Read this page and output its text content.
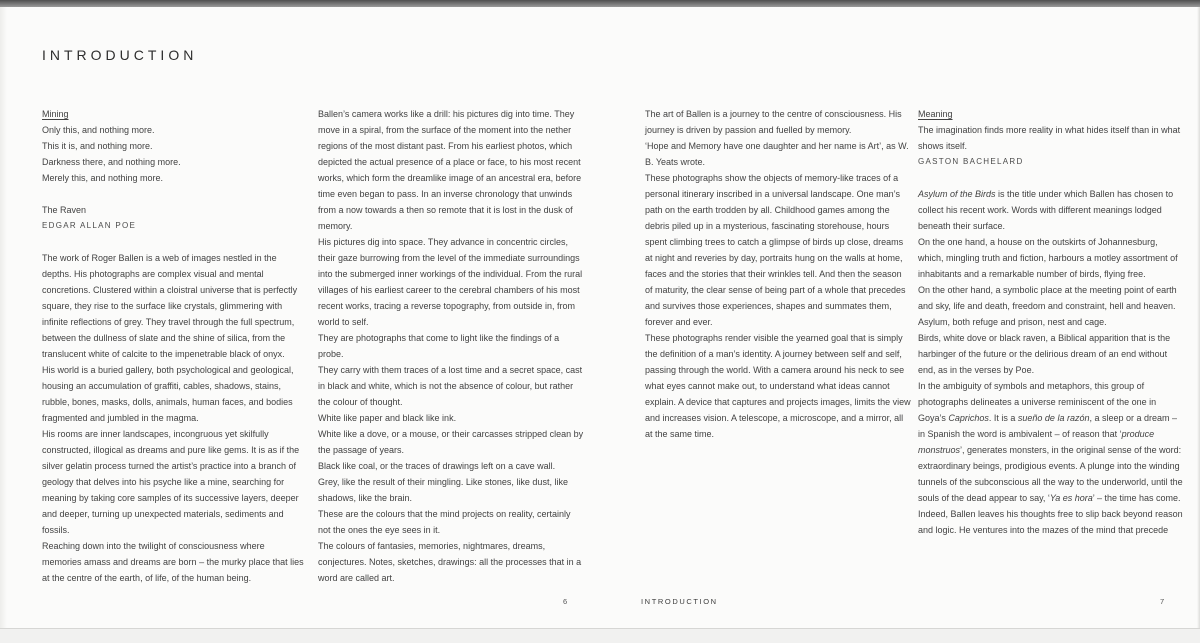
INTRODUCTION

Mining

Only this, and nothing more.

This it is, and nothing more.

Darkness there, and nothing more.

Merely this, and nothing more.

The Raven

EDGAR ALLAN POE

The work of Roger Ballen is a web of images nestled in the depths. His photographs are complex visual and mental concretions. Clustered within a cloistral universe that is perfectly square, they rise to the surface like crystals, glimmering with infinite reflections of grey. They travel through the full spectrum, between the dullness of slate and the shine of silica, from the translucent white of calcite to the impenetrable black of onyx.

His world is a buried gallery, both psychological and geological, housing an accumulation of graffiti, cables, shadows, stains, rubble, bones, masks, dolls, animals, human faces, and bodies fragmented and jumbled in the magma.

His rooms are inner landscapes, incongruous yet skilfully constructed, illogical as dreams and pure like gems. It is as if the silver gelatin process turned the artist’s practice into a branch of geology that delves into his psyche like a mine, searching for meaning by taking core samples of its successive layers, deeper and deeper, turning up unexpected materials, sediments and fossils.

Reaching down into the twilight of consciousness where memories amass and dreams are born – the murky place that lies at the centre of the earth, of life, of the human being.

Ballen’s camera works like a drill: his pictures dig into time. They move in a spiral, from the surface of the moment into the nether regions of the most distant past. From his earliest photos, which depicted the actual presence of a place or face, to his most recent works, which form the dreamlike image of an ancestral era, before time even began to pass. In an inverse chronology that unwinds from a now towards a then so remote that it is lost in the dusk of memory.

His pictures dig into space. They advance in concentric circles, their gaze burrowing from the level of the immediate surroundings into the submerged inner workings of the individual. From the rural villages of his earliest career to the cerebral chambers of his most recent works, tracing a reverse topography, from outside in, from world to self.

They are photographs that come to light like the findings of a probe.

They carry with them traces of a lost time and a secret space, cast in black and white, which is not the absence of colour, but rather the colour of thought.

White like paper and black like ink.

White like a dove, or a mouse, or their carcasses stripped clean by the passage of years.

Black like coal, or the traces of drawings left on a cave wall.

Grey, like the result of their mingling. Like stones, like dust, like shadows, like the brain.

These are the colours that the mind projects on reality, certainly not the ones the eye sees in it.

The colours of fantasies, memories, nightmares, dreams, conjectures. Notes, sketches, drawings: all the processes that in a word are called art.

The art of Ballen is a journey to the centre of consciousness. His journey is driven by passion and fuelled by memory.

‘Hope and Memory have one daughter and her name is Art’, as W. B. Yeats wrote.

These photographs show the objects of memory-like traces of a personal itinerary inscribed in a universal landscape. One man’s path on the earth trodden by all. Childhood games among the debris piled up in a mysterious, fascinating storehouse, hours spent climbing trees to catch a glimpse of birds up close, dreams at night and reveries by day, portraits hung on the walls at home, faces and the stories that their wrinkles tell. And then the season of maturity, the clear sense of being part of a whole that precedes and survives those experiences, shapes and summates them, forever and ever.

These photographs render visible the yearned goal that is simply the definition of a man’s identity. A journey between self and self, passing through the world. With a camera around his neck to see what eyes cannot make out, to understand what ideas cannot explain. A device that captures and projects images, limits the view and increases vision. A telescope, a microscope, and a mirror, all at the same time.

Meaning

The imagination finds more reality in what hides itself than in what shows itself.

GASTON BACHELARD

Asylum of the Birds is the title under which Ballen has chosen to collect his recent work. Words with different meanings lodged beneath their surface.

On the one hand, a house on the outskirts of Johannesburg, which, mingling truth and fiction, harbours a motley assortment of inhabitants and a remarkable number of birds, flying free.

On the other hand, a symbolic place at the meeting point of earth and sky, life and death, freedom and constraint, hell and heaven. Asylum, both refuge and prison, nest and cage.

Birds, white dove or black raven, a Biblical apparition that is the harbinger of the future or the delirious dream of an end without end, as in the verses by Poe.

In the ambiguity of symbols and metaphors, this group of photographs delineates a universe reminiscent of the one in Goya’s Caprichos. It is a sueño de la razón, a sleep or a dream – in Spanish the word is ambivalent – of reason that ‘produce monstruos’, generates monsters, in the original sense of the word: extraordinary beings, prodigious events. A plunge into the winding tunnels of the subconscious all the way to the underworld, until the souls of the dead appear to say, ‘Ya es hora’ – the time has come.

Indeed, Ballen leaves his thoughts free to slip back beyond reason and logic. He ventures into the mazes of the mind that precede

6	INTRODUCTION	7
